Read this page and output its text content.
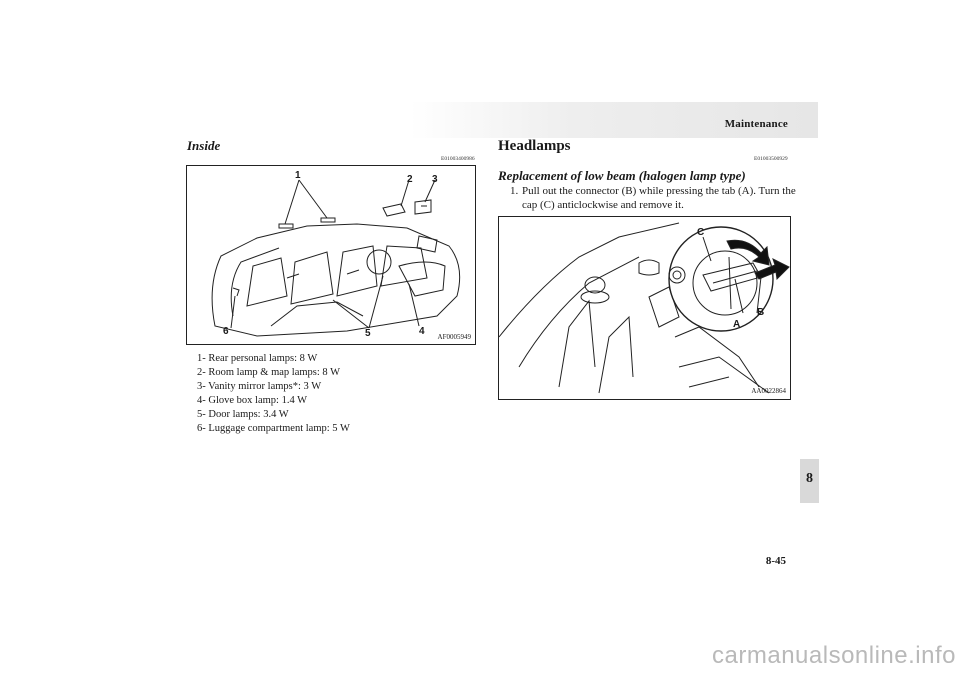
Maintenance
Inside
E01003400986
1	2 3
4
5
6	AF0005949
1- Rear personal lamps: 8 W
2- Room lamp & map lamps: 8 W
3- Vanity mirror lamps*: 3 W
4- Glove box lamp: 1.4 W
5- Door lamps: 3.4 W
6- Luggage compartment lamp: 5 W
Headlamps
E01003500929
Replacement of low beam (halogen lamp type)
1. Pull out the connector (B) while pressing the tab (A). Turn the cap (C) anticlockwise and remove it.
C
A
B
AA0022864
8
8-45
carmanualsonline.info
